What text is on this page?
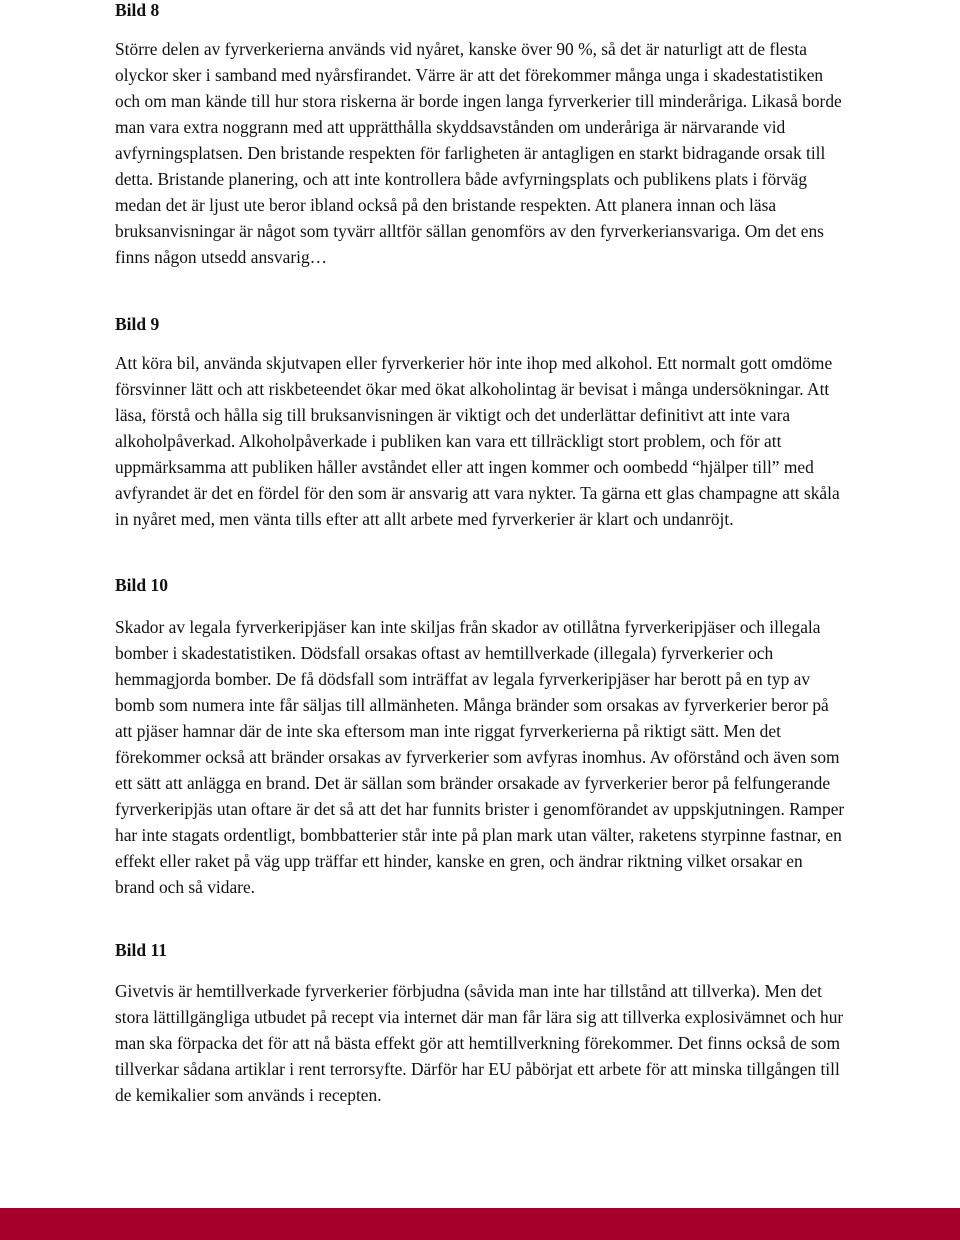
Bild 8

Större delen av fyrverkerierna används vid nyåret, kanske över 90 %, så det är naturligt att de flesta olyckor sker i samband med nyårsfirandet. Värre är att det förekommer många unga i skadestatistiken och om man kände till hur stora riskerna är borde ingen langa fyrverkerier till minderåriga. Likaså borde man vara extra noggrann med att upprätthålla skyddsavstånden om underåriga är närvarande vid avfyrningsplatsen. Den bristande respekten för farligheten är antagligen en starkt bidragande orsak till detta. Bristande planering, och att inte kontrollera både avfyrningsplats och publikens plats i förväg medan det är ljust ute beror ibland också på den bristande respekten. Att planera innan och läsa bruksanvisningar är något som tyvärr alltför sällan genomförs av den fyrverkeriansvariga. Om det ens finns någon utsedd ansvarig…

Bild 9

Att köra bil, använda skjutvapen eller fyrverkerier hör inte ihop med alkohol. Ett normalt gott omdöme försvinner lätt och att riskbeteendet ökar med ökat alkoholintag är bevisat i många undersökningar. Att läsa, förstå och hålla sig till bruksanvisningen är viktigt och det underlättar definitivt att inte vara alkoholpåverkad. Alkoholpåverkade i publiken kan vara ett tillräckligt stort problem, och för att uppmärksamma att publiken håller avståndet eller att ingen kommer och oombedd “hjälper till” med avfyrandet är det en fördel för den som är ansvarig att vara nykter. Ta gärna ett glas champagne att skåla in nyåret med, men vänta tills efter att allt arbete med fyrverkerier är klart och undanröjt.

Bild 10

Skador av legala fyrverkeripjäser kan inte skiljas från skador av otillåtna fyrverkeripjäser och illegala bomber i skadestatistiken. Dödsfall orsakas oftast av hemtillverkade (illegala) fyrverkerier och hemmagjorda bomber. De få dödsfall som inträffat av legala fyrverkeripjäser har berott på en typ av bomb som numera inte får säljas till allmänheten. Många bränder som orsakas av fyrverkerier beror på att pjäser hamnar där de inte ska eftersom man inte riggat fyrverkerierna på riktigt sätt. Men det förekommer också att bränder orsakas av fyrverkerier som avfyras inomhus. Av oförstånd och även som ett sätt att anlägga en brand. Det är sällan som bränder orsakade av fyrverkerier beror på felfungerande fyrverkeripjäs utan oftare är det så att det har funnits brister i genomförandet av uppskjutningen. Ramper har inte stagats ordentligt, bombbatterier står inte på plan mark utan välter, raketens styrpinne fastnar, en effekt eller raket på väg upp träffar ett hinder, kanske en gren, och ändrar riktning vilket orsakar en brand och så vidare.

Bild 11

Givetvis är hemtillverkade fyrverkerier förbjudna (såvida man inte har tillstånd att tillverka). Men det stora lättillgängliga utbudet på recept via internet där man får lära sig att tillverka explosivämnet och hur man ska förpacka det för att nå bästa effekt gör att hemtillverkning förekommer. Det finns också de som tillverkar sådana artiklar i rent terrorsyfte. Därför har EU påbörjat ett arbete för att minska tillgången till de kemikalier som används i recepten.
